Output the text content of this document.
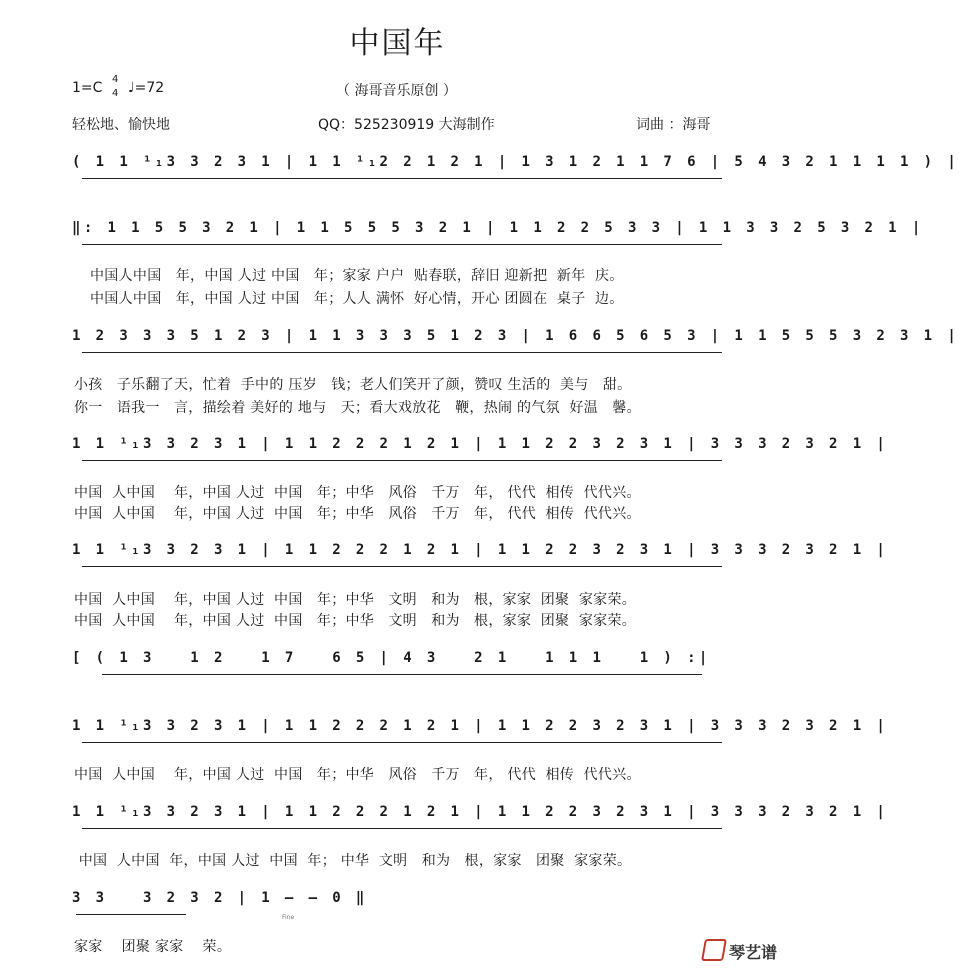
中国年
1=C
4
4 ♩=72	（ 海哥音乐原创 ）
轻松地、愉快地	QQ：525230919 大海制作	词曲 ：海哥
( 1 1 ¹₁3 3 2 3 1 | 1 1 ¹₁2 2 1 2 1 | 1 3 1 2 1 1 7 6 | 5 4 3 2 1 1 1 1 ) |
‖: 1 1 5 5 3 2 1 | 1 1 5 5 5 3 2 1 | 1 1 2 2 5 3 3 | 1 1 3 3 2 5 3 2 1 |
中国人中国   年，中国 人过 中国   年；家家 户户  贴春联，辞旧 迎新把  新年  庆。
中国人中国   年，中国 人过 中国   年；人人 满怀  好心情，开心 团圆在  桌子  边。
1 2 3 3 3 5 1 2 3 | 1 1 3 3 3 5 1 2 3 | 1 6 6 5 6 5 3 | 1 1 5 5 5 3 2 3 1 |
小孩   子乐翻了天，忙着  手中的 压岁   钱；老人们笑开了颜，赞叹 生活的  美与   甜。
你一   语我一   言，描绘着 美好的 地与   天；看大戏放花   鞭，热闹 的气氛  好温   馨。
1 1 ¹₁3 3 2 3 1 | 1 1 2 2 2 1 2 1 | 1 1 2 2 3 2 3 1 | 3 3 3 2 3 2 1 |
中国  人中国    年，中国 人过  中国   年；中华   风俗   千万   年， 代代  相传  代代兴。
中国  人中国    年，中国 人过  中国   年；中华   风俗   千万   年， 代代  相传  代代兴。
1 1 ¹₁3 3 2 3 1 | 1 1 2 2 2 1 2 1 | 1 1 2 2 3 2 3 1 | 3 3 3 2 3 2 1 |
中国  人中国    年，中国 人过  中国   年；中华   文明   和为   根，家家  团聚  家家荣。
中国  人中国    年，中国 人过  中国   年；中华   文明   和为   根，家家  团聚  家家荣。
[ ( 1 3   1 2   1 7   6 5 | 4 3   2 1   1 1 1   1 ) :|
1 1 ¹₁3 3 2 3 1 | 1 1 2 2 2 1 2 1 | 1 1 2 2 3 2 3 1 | 3 3 3 2 3 2 1 |
中国  人中国    年，中国 人过  中国   年；中华   风俗   千万   年， 代代  相传  代代兴。
1 1 ¹₁3 3 2 3 1 | 1 1 2 2 2 1 2 1 | 1 1 2 2 3 2 3 1 | 3 3 3 2 3 2 1 |
中国  人中国  年，中国 人过  中国  年； 中华  文明   和为   根，家家   团聚  家家荣。
3 3   3 2 3 2 | 1 — — 0 ‖
Fine
家家    团聚 家家    荣。	琴艺谱
